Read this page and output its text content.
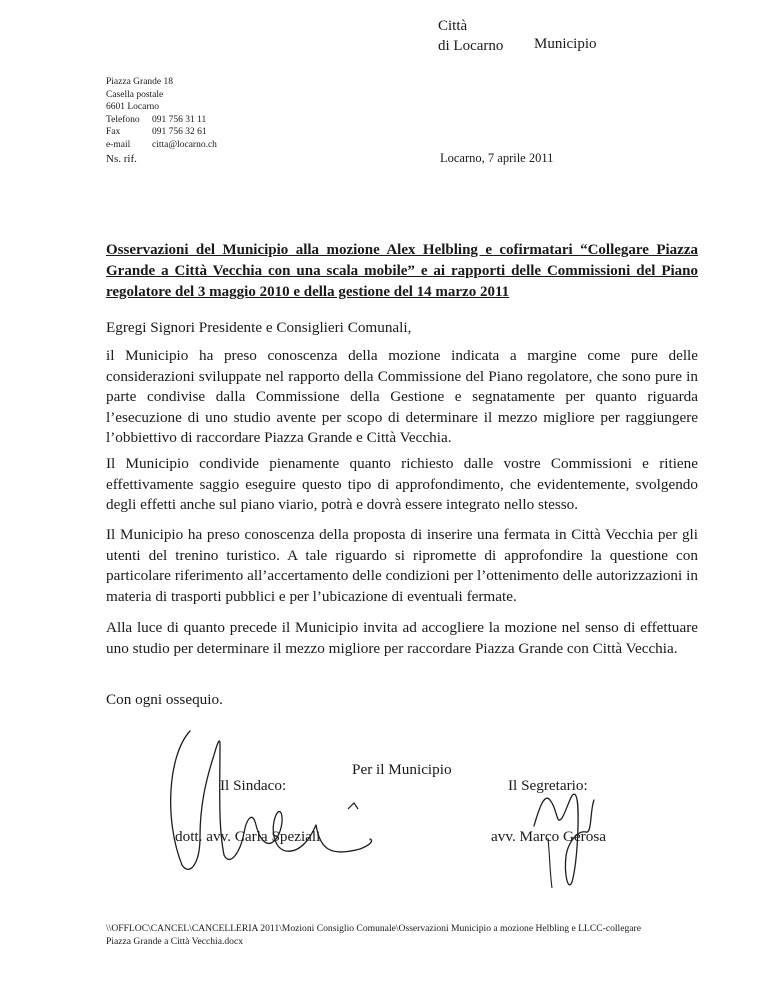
Città
di Locarno Municipio
Piazza Grande 18
Casella postale
6601 Locarno
Telefono 091 756 31 11
Fax	091 756 32 61
e-mail citta@locarno.ch
Ns. rif.	Locarno, 7 aprile 2011
Osservazioni del Municipio alla mozione Alex Helbling e cofirmatari “Collegare Piazza Grande a Città Vecchia con una scala mobile” e ai rapporti delle Commissioni del Piano regolatore del 3 maggio 2010 e della gestione del 14 marzo 2011
Egregi Signori Presidente e Consiglieri Comunali,
il Municipio ha preso conoscenza della mozione indicata a margine come pure delle considerazioni sviluppate nel rapporto della Commissione del Piano regolatore, che sono pure in parte condivise dalla Commissione della Gestione e segnatamente per quanto riguarda l’esecuzione di uno studio avente per scopo di determinare il mezzo migliore per raggiungere l’obbiettivo di raccordare Piazza Grande e Città Vecchia.
Il Municipio condivide pienamente quanto richiesto dalle vostre Commissioni e ritiene effettivamente saggio eseguire questo tipo di approfondimento, che evidentemente, svolgendo degli effetti anche sul piano viario, potrà e dovrà essere integrato nello stesso.
Il Municipio ha preso conoscenza della proposta di inserire una fermata in Città Vecchia per gli utenti del trenino turistico. A tale riguardo si ripromette di approfondire la questione con particolare riferimento all’accertamento delle condizioni per l’ottenimento delle autorizzazioni in materia di trasporti pubblici e per l’ubicazione di eventuali fermate.
Alla luce di quanto precede il Municipio invita ad accogliere la mozione nel senso di effettuare uno studio per determinare il mezzo migliore per raccordare Piazza Grande con Città Vecchia.
Con ogni ossequio.
Per il Municipio
Il Sindaco:	Il Segretario:
dott. avv. Carla Speziali	avv. Marco Gerosa
\\OFFLOC\CANCEL\CANCELLERIA 2011\Mozioni Consiglio Comunale\Osservazioni Municipio a mozione Helbling e LLCC-collegare
Piazza Grande a Città Vecchia.docx
